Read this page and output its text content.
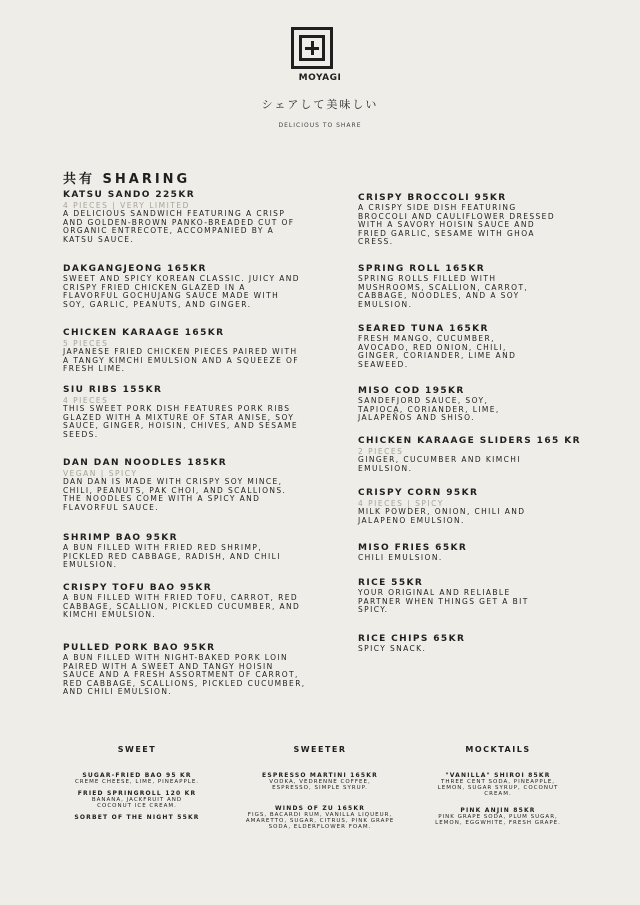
MOYAGI
シェアして美味しい
DELICIOUS TO SHARE
共有 SHARING
KATSU SANDO 225KR
4 PIECES | VERY LIMITED
A DELICIOUS SANDWICH FEATURING A CRISP AND GOLDEN-BROWN PANKO-BREADED CUT OF ORGANIC ENTRECOTE, ACCOMPANIED BY A KATSU SAUCE.
DAKGANGJEONG 165KR
SWEET AND SPICY KOREAN CLASSIC. JUICY AND CRISPY FRIED CHICKEN GLAZED IN A FLAVORFUL GOCHUJANG SAUCE MADE WITH SOY, GARLIC, PEANUTS, AND GINGER.
CHICKEN KARAAGE 165KR
5 PIECES
JAPANESE FRIED CHICKEN PIECES PAIRED WITH A TANGY KIMCHI EMULSION AND A SQUEEZE OF FRESH LIME.
SIU RIBS 155KR
4 PIECES
THIS SWEET PORK DISH FEATURES PORK RIBS GLAZED WITH A MIXTURE OF STAR ANISE, SOY SAUCE, GINGER, HOISIN, CHIVES, AND SESAME SEEDS.
DAN DAN NOODLES 185KR
VEGAN | SPICY
DAN DAN IS MADE WITH CRISPY SOY MINCE, CHILI, PEANUTS, PAK CHOI, AND SCALLIONS. THE NOODLES COME WITH A SPICY AND FLAVORFUL SAUCE.
SHRIMP BAO 95KR
A BUN FILLED WITH FRIED RED SHRIMP, PICKLED RED CABBAGE, RADISH, AND CHILI EMULSION.
CRISPY TOFU BAO 95KR
A BUN FILLED WITH FRIED TOFU, CARROT, RED CABBAGE, SCALLION, PICKLED CUCUMBER, AND KIMCHI EMULSION.
PULLED PORK BAO 95KR
A BUN FILLED WITH NIGHT-BAKED PORK LOIN PAIRED WITH A SWEET AND TANGY HOISIN SAUCE AND A FRESH ASSORTMENT OF CARROT, RED CABBAGE, SCALLIONS, PICKLED CUCUMBER, AND CHILI EMULSION.
CRISPY BROCCOLI 95KR
A CRISPY SIDE DISH FEATURING BROCCOLI AND CAULIFLOWER DRESSED WITH A SAVORY HOISIN SAUCE AND FRIED GARLIC, SESAME WITH GHOA CRESS.
SPRING ROLL 165KR
SPRING ROLLS FILLED WITH MUSHROOMS, SCALLION, CARROT, CABBAGE, NOODLES, AND A SOY EMULSION.
SEARED TUNA 165KR
FRESH MANGO, CUCUMBER, AVOCADO, RED ONION, CHILI, GINGER, CORIANDER, LIME AND SEAWEED.
MISO COD 195KR
SANDEFJORD SAUCE, SOY, TAPIOCA, CORIANDER, LIME, JALAPEÑOS AND SHISO.
CHICKEN KARAAGE SLIDERS 165 KR
2 PIECES
GINGER, CUCUMBER AND KIMCHI EMULSION.
CRISPY CORN 95KR
4 PIECES | SPICY
MILK POWDER, ONION, CHILI AND JALAPENO EMULSION.
MISO FRIES 65KR
CHILI EMULSION.
RICE 55KR
YOUR ORIGINAL AND RELIABLE PARTNER WHEN THINGS GET A BIT SPICY.
RICE CHIPS 65KR
SPICY SNACK.
SWEET
SUGAR-FRIED BAO 95 KR
CREME CHEESE, LIME, PINEAPPLE.
FRIED SPRINGROLL 120 KR
BANANA, JACKFRUIT AND COCONUT ICE CREAM.
SORBET OF THE NIGHT 55KR
SWEETER
ESPRESSO MARTINI 165KR
VODKA, VEDRENNE COFFEE, ESPRESSO, SIMPLE SYRUP.
WINDS OF ZU 165KR
FIGS, BACARDI RUM, VANILLA LIQUEUR, AMARETTO, SUGAR, CITRUS, PINK GRAPE SODA, ELDERFLOWER FOAM.
MOCKTAILS
"VANILLA" SHIROI 85KR
THREE CENT SODA, PINEAPPLE, LEMON, SUGAR SYRUP, COCONUT CREAM.
PINK ANJIN 85KR
PINK GRAPE SODA, PLUM SUGAR, LEMON, EGGWHITE, FRESH GRAPE.
